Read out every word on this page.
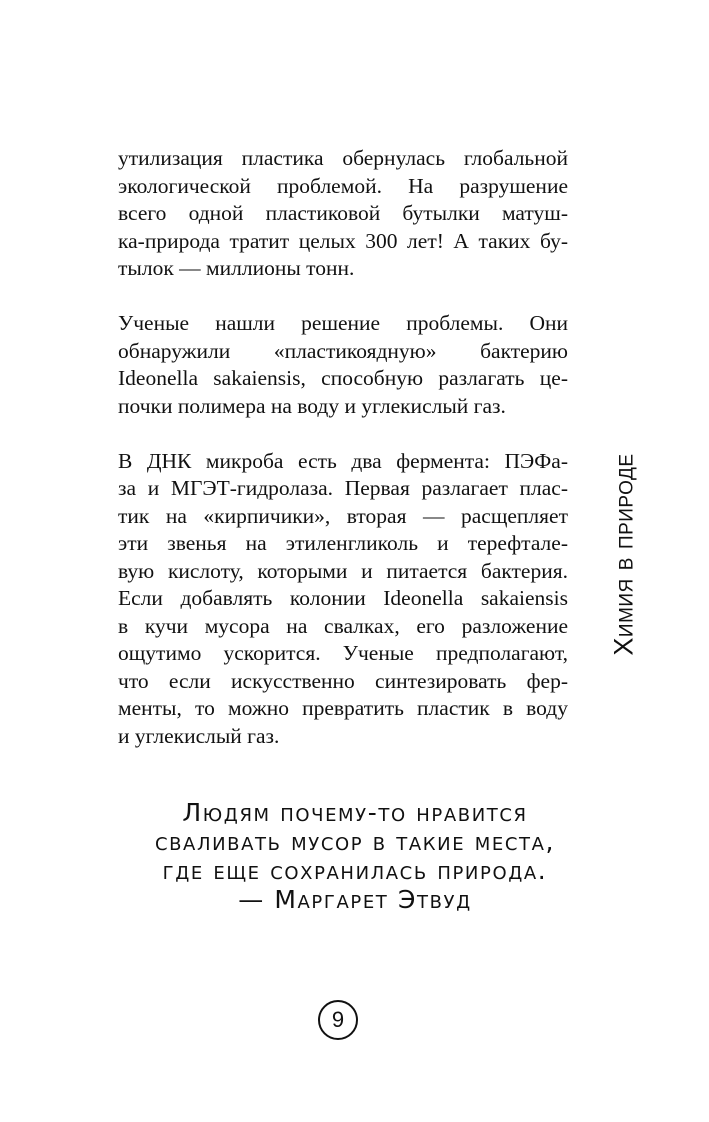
утилизация пластика обернулась глобальной
экологической проблемой. На разрушение
всего одной пластиковой бутылки матуш-
ка-природа тратит целых 300 лет! А таких бу-
тылок — миллионы тонн.

Ученые нашли решение проблемы. Они
обнаружили «пластикоядную» бактерию
Ideonella sakaiensis, способную разлагать це-
почки полимера на воду и углекислый газ.

В ДНК микроба есть два фермента: ПЭФа-
за и МГЭТ-гидролаза. Первая разлагает плас-
тик на «кирпичики», вторая — расщепляет
эти звенья на этиленгликоль и терефтале-
вую кислоту, которыми и питается бактерия.
Если добавлять колонии Ideonella sakaiensis
в кучи мусора на свалках, его разложение
ощутимо ускорится. Ученые предполагают,
что если искусственно синтезировать фер-
менты, то можно превратить пластик в воду
и углекислый газ.

Химия в природе
Людям почему-то нравится
сваливать мусор в такие места,
где еще сохранилась природа.
— Маргарет Этвуд
9
